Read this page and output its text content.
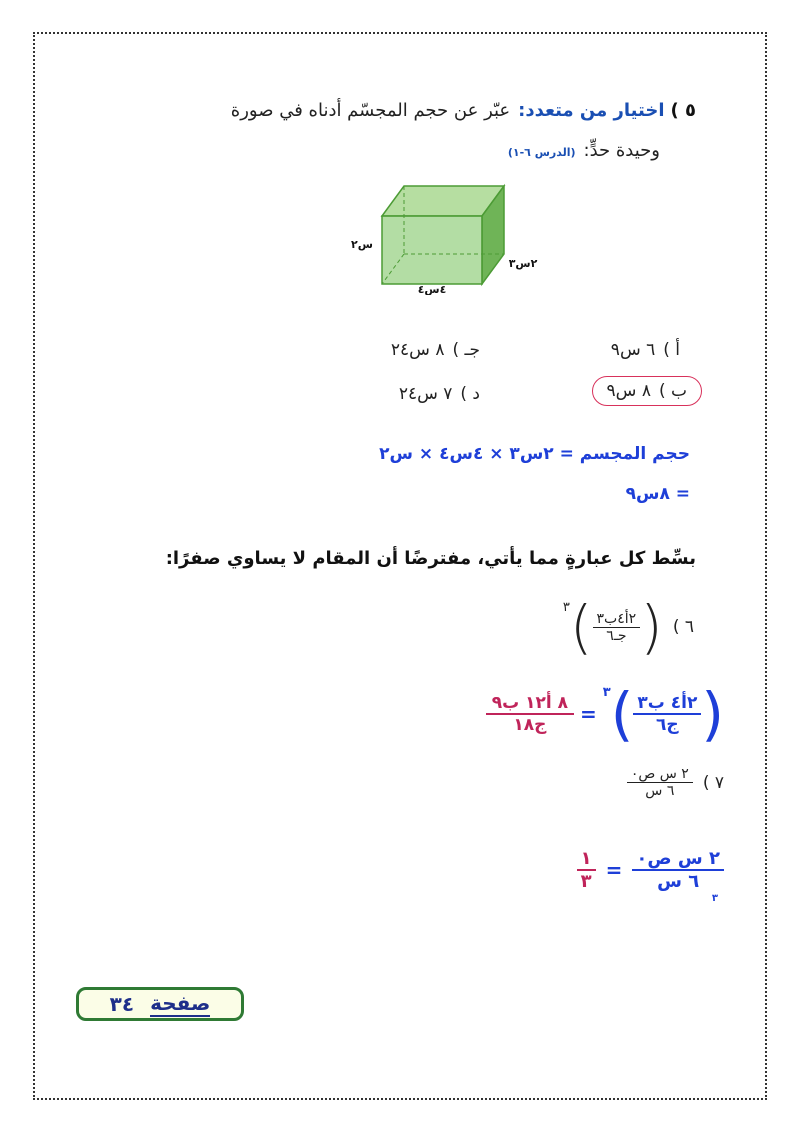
٥ )اختيار من متعدد:عبّر عن حجم المجسّم أدناه في صورة
وحيدة حدٍّ:(الدرس ٦-١)
س٢
٢س٣
٤س٤
أ )٦ س٩
جـ )٨ س٢٤
ب )٨ س٩
د )٧ س٢٤
حجم المجسم = ٢س٣ × ٤س٤ × س٢
= ٨س٩
بسِّط كل عبارةٍ مما يأتي، مفترضًا أن المقام لا يساوي صفرًا:
٦ )
(
٢أ٤ب٣
جـ٦
)
٣
(
٢أ٤ ب٣
ج٦
)
٣
=
٨ أ١٢ ب٩
ج١٨
٧ )
٢ س ص٠
٦ س
٢ س ص٠
٦ س
٣
=
١
٣
صفحة
٣٤
